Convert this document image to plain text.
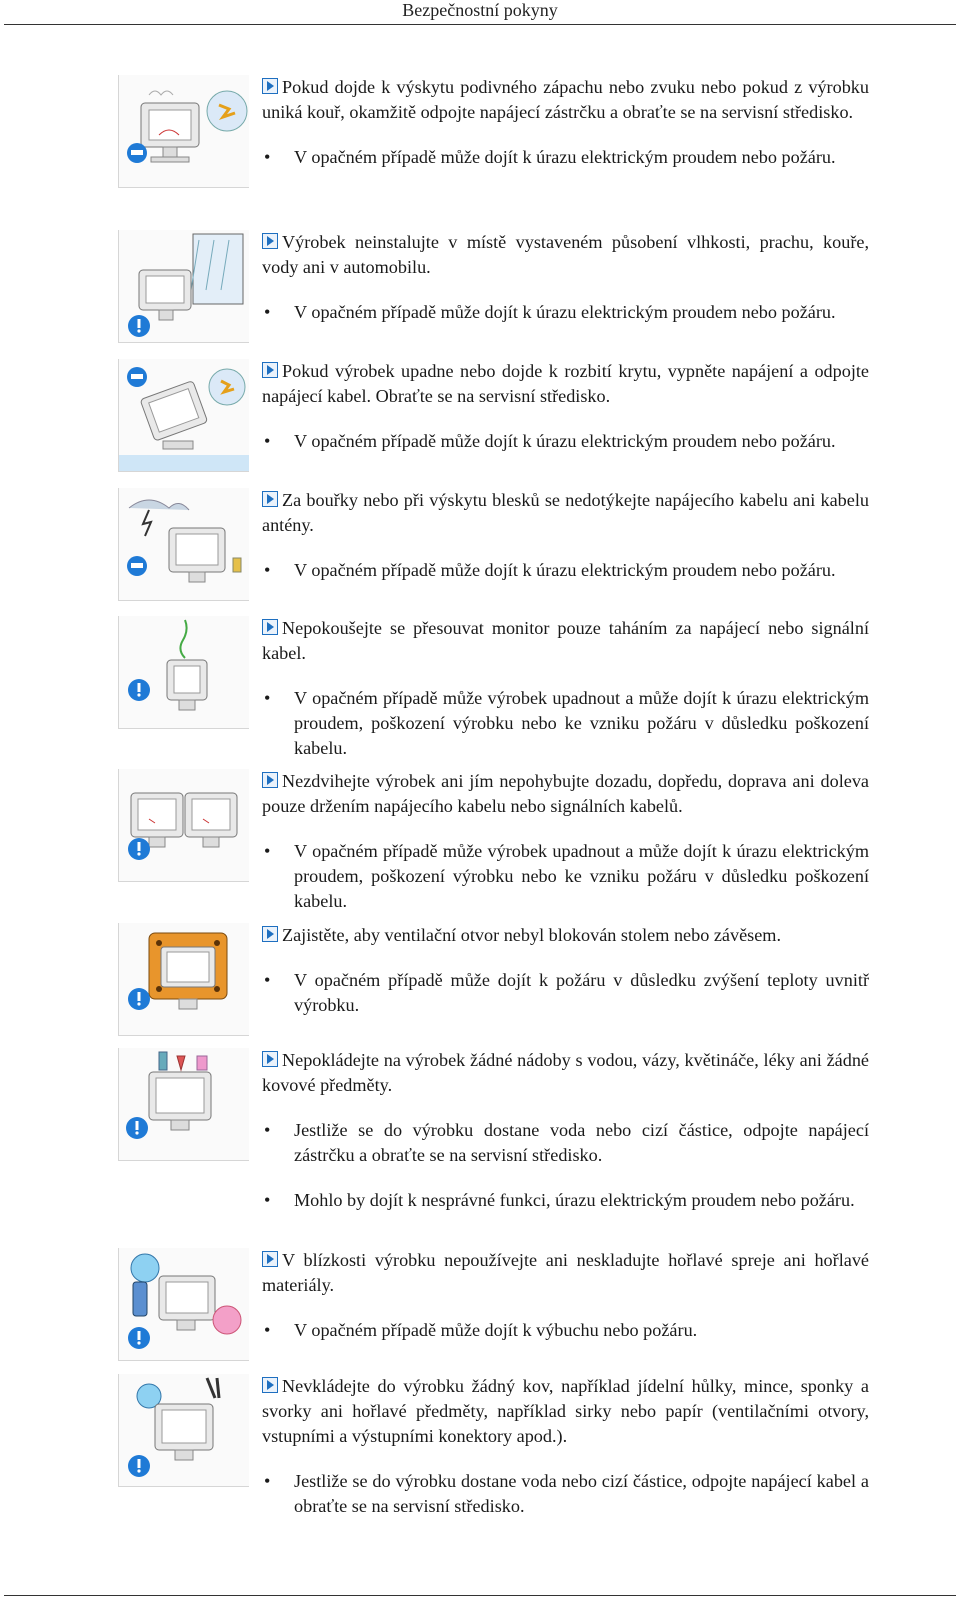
Bezpečnostní pokyny

Pokud dojde k výskytu podivného zápachu nebo zvuku nebo pokud z výrobku uniká kouř, okamžitě odpojte napájecí zástrčku a obraťte se na servisní středisko.

• V opačném případě může dojít k úrazu elektrickým proudem nebo požáru.

Výrobek neinstalujte v místě vystaveném působení vlhkosti, prachu, kouře, vody ani v automobilu.

• V opačném případě může dojít k úrazu elektrickým proudem nebo požáru.

Pokud výrobek upadne nebo dojde k rozbití krytu, vypněte napájení a odpojte napájecí kabel. Obraťte se na servisní středisko.

• V opačném případě může dojít k úrazu elektrickým proudem nebo požáru.

Za bouřky nebo při výskytu blesků se nedotýkejte napájecího kabelu ani kabelu antény.

• V opačném případě může dojít k úrazu elektrickým proudem nebo požáru.

Nepokoušejte se přesouvat monitor pouze taháním za napájecí nebo signální kabel.

• V opačném případě může výrobek upadnout a může dojít k úrazu elektrickým proudem, poškození výrobku nebo ke vzniku požáru v důsledku poškození kabelu.

Nezdvihejte výrobek ani jím nepohybujte dozadu, dopředu, doprava ani doleva pouze držením napájecího kabelu nebo signálních kabelů.

• V opačném případě může výrobek upadnout a může dojít k úrazu elektrickým proudem, poškození výrobku nebo ke vzniku požáru v důsledku poškození kabelu.

Zajistěte, aby ventilační otvor nebyl blokován stolem nebo závěsem.

• V opačném případě může dojít k požáru v důsledku zvýšení teploty uvnitř výrobku.

Nepokládejte na výrobek žádné nádoby s vodou, vázy, květináče, léky ani žádné kovové předměty.

• Jestliže se do výrobku dostane voda nebo cizí částice, odpojte napájecí zástrčku a obraťte se na servisní středisko.

• Mohlo by dojít k nesprávné funkci, úrazu elektrickým proudem nebo požáru.

V blízkosti výrobku nepoužívejte ani neskladujte hořlavé spreje ani hořlavé materiály.

• V opačném případě může dojít k výbuchu nebo požáru.

Nevkládejte do výrobku žádný kov, například jídelní hůlky, mince, sponky a svorky ani hořlavé předměty, například sirky nebo papír (ventilačními otvory, vstupními a výstupními konektory apod.).

• Jestliže se do výrobku dostane voda nebo cizí částice, odpojte napájecí kabel a obraťte se na servisní středisko.
